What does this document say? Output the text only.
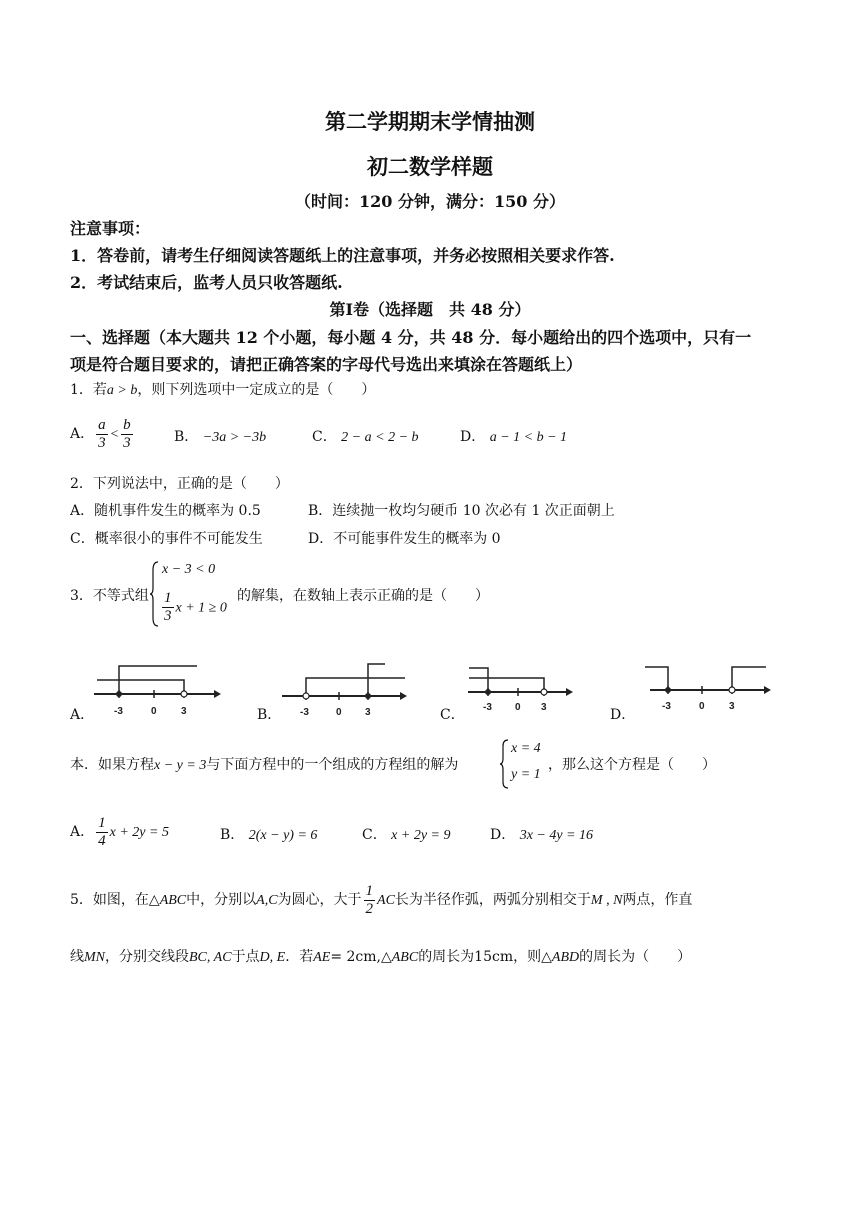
第二学期期末学情抽测
初二数学样题
（时间：120 分钟，满分：150 分）
注意事项：
1．答卷前，请考生仔细阅读答题纸上的注意事项，并务必按照相关要求作答.
2．考试结束后，监考人员只收答题纸.
第Ⅰ卷（选择题　共 48 分）
一、选择题（本大题共 12 个小题，每小题 4 分，共 48 分．每小题给出的四个选项中，只有一
项是符合题目要求的，请把正确答案的字母代号选出来填涂在答题纸上）
1．若a > b，则下列选项中一定成立的是（　　）
A． $\frac{a}{3} < \frac{b}{3}$	B． −3a > −3b	C． 2 − a < 2 − b	D． a − 1 < b − 1
2．下列说法中，正确的是（　　）
A．随机事件发生的概率为 0.5	B．连续抛一枚均匀硬币 10 次必有 1 次正面朝上
C．概率很小的事件不可能发生	D．不可能事件发生的概率为 0
3．不等式组
x − 3 < 0
$\frac{1}{3}$ x + 1 ≥ 0
的解集，在数轴上表示正确的是（　　）
A．	B．	C．	D．
-3	0 3	-3	0 3	-3 0 3	-3	0 3
本．如果方程x − y = 3与下面方程中的一个组成的方程组的解为
x = 4
y = 1
，那么这个方程是（　　）
A． $\frac{1}{4}$ x + 2y = 5	B． 2(x − y) = 6	C． x + 2y = 9	D． 3x − 4y = 16
5．如图，在△ABC中，分别以A,C为圆心，大于 $\frac{1}{2}$ AC长为半径作弧，两弧分别相交于M , N两点，作直
线MN，分别交线段BC, AC于点D, E．若AE= 2cm,△ABC的周长为15cm，则△ABD的周长为（　　）
